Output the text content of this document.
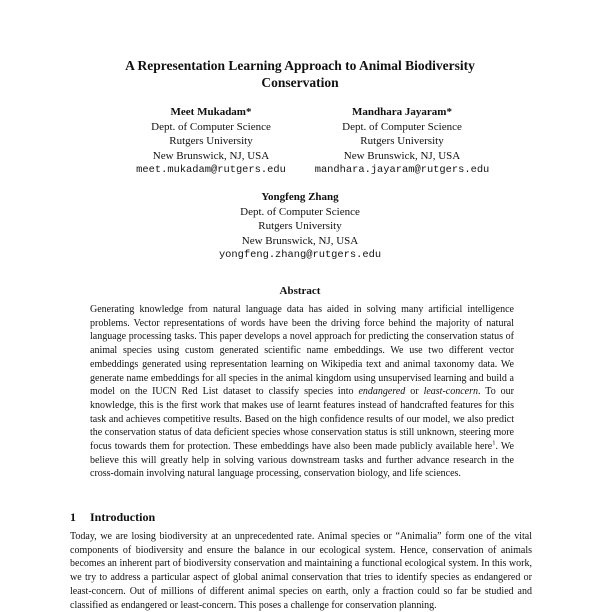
A Representation Learning Approach to Animal Biodiversity Conservation
Meet Mukadam*
Dept. of Computer Science
Rutgers University
New Brunswick, NJ, USA
meet.mukadam@rutgers.edu
Mandhara Jayaram*
Dept. of Computer Science
Rutgers University
New Brunswick, NJ, USA
mandhara.jayaram@rutgers.edu
Yongfeng Zhang
Dept. of Computer Science
Rutgers University
New Brunswick, NJ, USA
yongfeng.zhang@rutgers.edu
Abstract
Generating knowledge from natural language data has aided in solving many artificial intelligence problems. Vector representations of words have been the driving force behind the majority of natural language processing tasks. This paper develops a novel approach for predicting the conservation status of animal species using custom generated scientific name embeddings. We use two different vector embeddings generated using representation learning on Wikipedia text and animal taxonomy data. We generate name embeddings for all species in the animal kingdom using unsupervised learning and build a model on the IUCN Red List dataset to classify species into endangered or least-concern. To our knowledge, this is the first work that makes use of learnt features instead of handcrafted features for this task and achieves competitive results. Based on the high confidence results of our model, we also predict the conservation status of data deficient species whose conservation status is still unknown, steering more focus towards them for protection. These embeddings have also been made publicly available here$^1$. We believe this will greatly help in solving various downstream tasks and further advance research in the cross-domain involving natural language processing, conservation biology, and life sciences.
1 Introduction
Today, we are losing biodiversity at an unprecedented rate. Animal species or “Animalia” form one of the vital components of biodiversity and ensure the balance in our ecological system. Hence, conservation of animals becomes an inherent part of biodiversity conservation and maintaining a functional ecological system. In this work, we try to address a particular aspect of global animal conservation that tries to identify species as endangered or least-concern. Out of millions of different animal species on earth, only a fraction could so far be studied and classified as endangered or least-concern. This poses a challenge for conservation planning.
